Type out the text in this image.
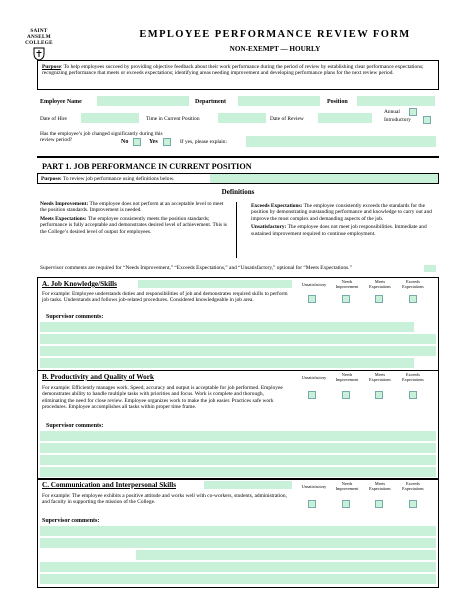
SAINT ANSELM COLLEGE
EMPLOYEE PERFORMANCE REVIEW FORM
NON-EXEMPT — HOURLY
Purpose: To help employees succeed by providing objective feedback about their work performance during the period of review by establishing clear performance expectations; recognizing performance that meets or exceeds expectations; identifying areas needing improvement and developing performance plans for the next review period.
Employee Name	Department	Position
Date of Hire	Time in Current Position	Date of Review
Annual
Introductory
Has the employee’s job changed significantly during this review period?	No	Yes	If yes, please explain:
PART 1. JOB PERFORMANCE IN CURRENT POSITION
Purpose: To review job performance using definitions below.
Definitions
Needs Improvement: The employee does not perform at an acceptable level to meet the position standards. Improvement is needed.
Meets Expectations: The employee consistently meets the position standards; performance is fully acceptable and demonstrates desired level of achievement. This is the College’s desired level of output for employees.
Exceeds Expectations: The employee consistently exceeds the standards for the position by demonstrating outstanding performance and knowledge to carry out and improve the most complex and demanding aspects of the job.
Unsatisfactory: The employee does not meet job responsibilities. Immediate and sustained improvement required to continue employment.
Supervisor comments are required for “Needs Improvement,” “Exceeds Expectations,” and “Unsatisfactory,” optional for “Meets Expectations.”
A. Job Knowledge/Skills
For example: Employee understands duties and responsibilities of job and demonstrates required skills to perform job tasks. Understands and follows job-related procedures. Considered knowledgeable in job area.
Unsatisfactory
Needs Improvement
Meets Expectations
Exceeds Expectations
Supervisor comments:
B. Productivity and Quality of Work	Unsatisfactory
Needs Improvement
Meets Expectations
Exceeds Expectations
For example: Efficiently manages work. Speed, accuracy and output is acceptable for job performed. Employee demonstrates ability to handle multiple tasks with priorities and focus. Work is complete and thorough, eliminating the need for close review. Employee organizes work to make the job easier. Practices safe work procedures. Employee accomplishes all tasks within proper time frame.
Supervisor comments:
C. Communication and Interpersonal Skills	Unsatisfactory
Needs Improvement
Meets Expectations
Exceeds Expectations
For example: The employee exhibits a positive attitude and works well with co-workers, students, administration, and faculty in supporting the mission of the College.
Supervisor comments:
